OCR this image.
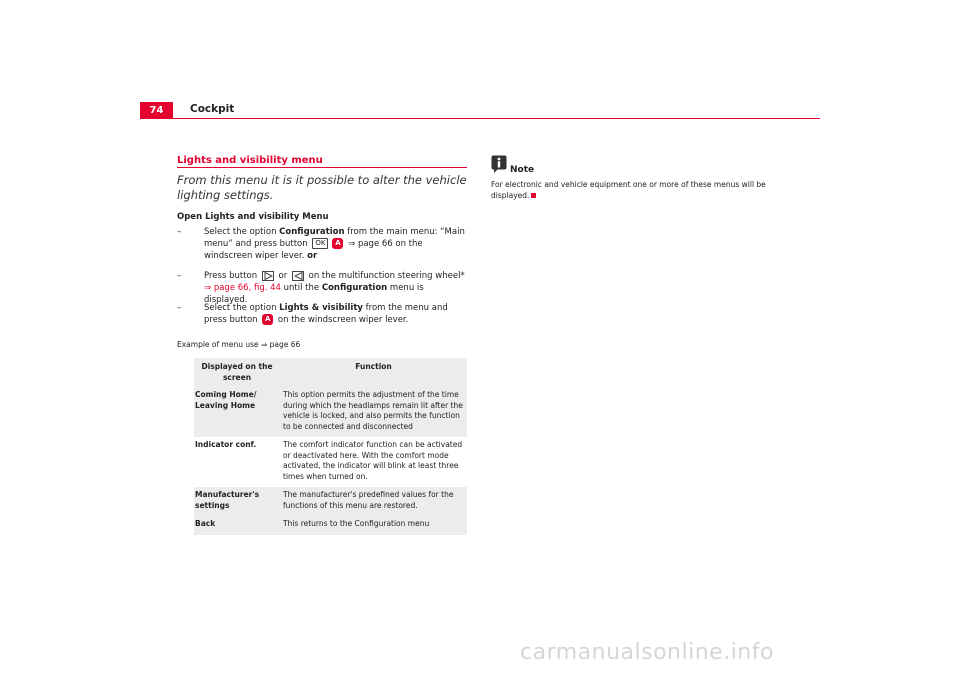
74	Cockpit
Lights and visibility menu
From this menu it is it possible to alter the vehicle lighting settings.
Open Lights and visibility Menu
–	Select the option Configuration from the main menu: “Main menu” and press button OK A ⇒ page 66 on the windscreen wiper lever. or
–	Press button
or
on the multifunction steering wheel* ⇒ page 66, fig. 44 until the Configuration menu is displayed.
–	Select the option Lights & visibility from the menu and press button A on the windscreen wiper lever.
Example of menu use ⇒ page 66
Displayed on the screen	Function
Coming Home/ Leaving Home	This option permits the adjustment of the time during which the headlamps remain lit after the vehicle is locked, and also permits the function to be connected and disconnected
Indicator conf.	The comfort indicator function can be activated or deactivated here. With the comfort mode activated, the indicator will blink at least three times when turned on.
Manufacturer's settings	The manufacturer's predefined values for the functions of this menu are restored.
Back	This returns to the Configuration menu
Note
For electronic and vehicle equipment one or more of these menus will be displayed.
carmanualsonline.info
